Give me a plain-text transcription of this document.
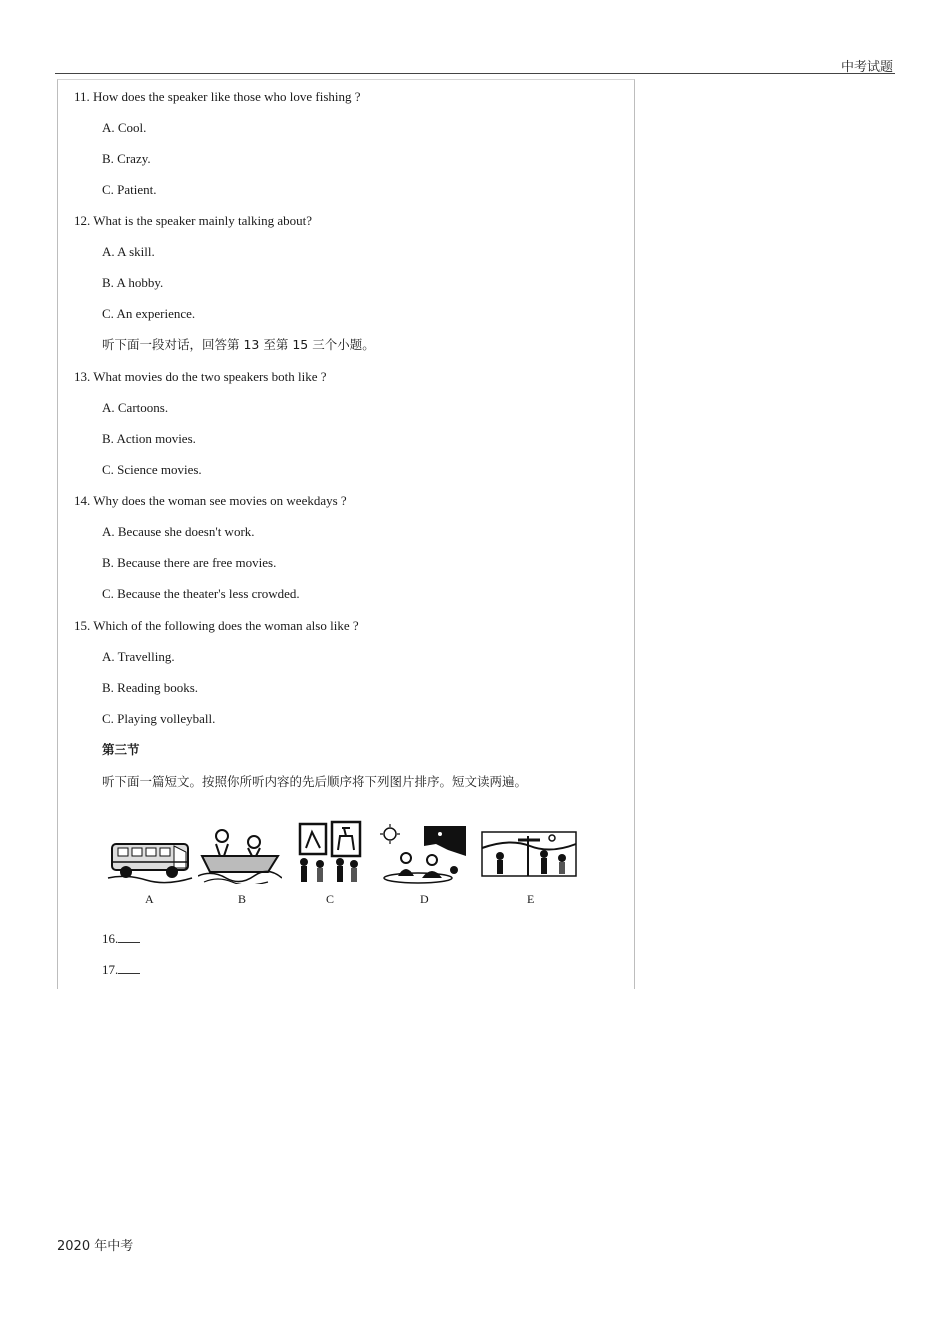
中考试题
11. How does the speaker like those who love fishing ?
A. Cool.
B. Crazy.
C. Patient.
12. What is the speaker mainly talking about?
A. A skill.
B. A hobby.
C. An experience.
听下面一段对话，回答第 13 至第 15 三个小题。
13. What movies do the two speakers both like ?
A. Cartoons.
B. Action movies.
C. Science movies.
14. Why does the woman see movies on weekdays ?
A. Because she doesn't work.
B. Because there are free movies.
C. Because the theater's less crowded.
15. Which of the following does the woman also like ?
A. Travelling.
B. Reading books.
C. Playing volleyball.
第三节
听下面一篇短文。按照你所听内容的先后顺序将下列图片排序。短文读两遍。
A	B	C	D	E
16.
17.
2020 年中考
